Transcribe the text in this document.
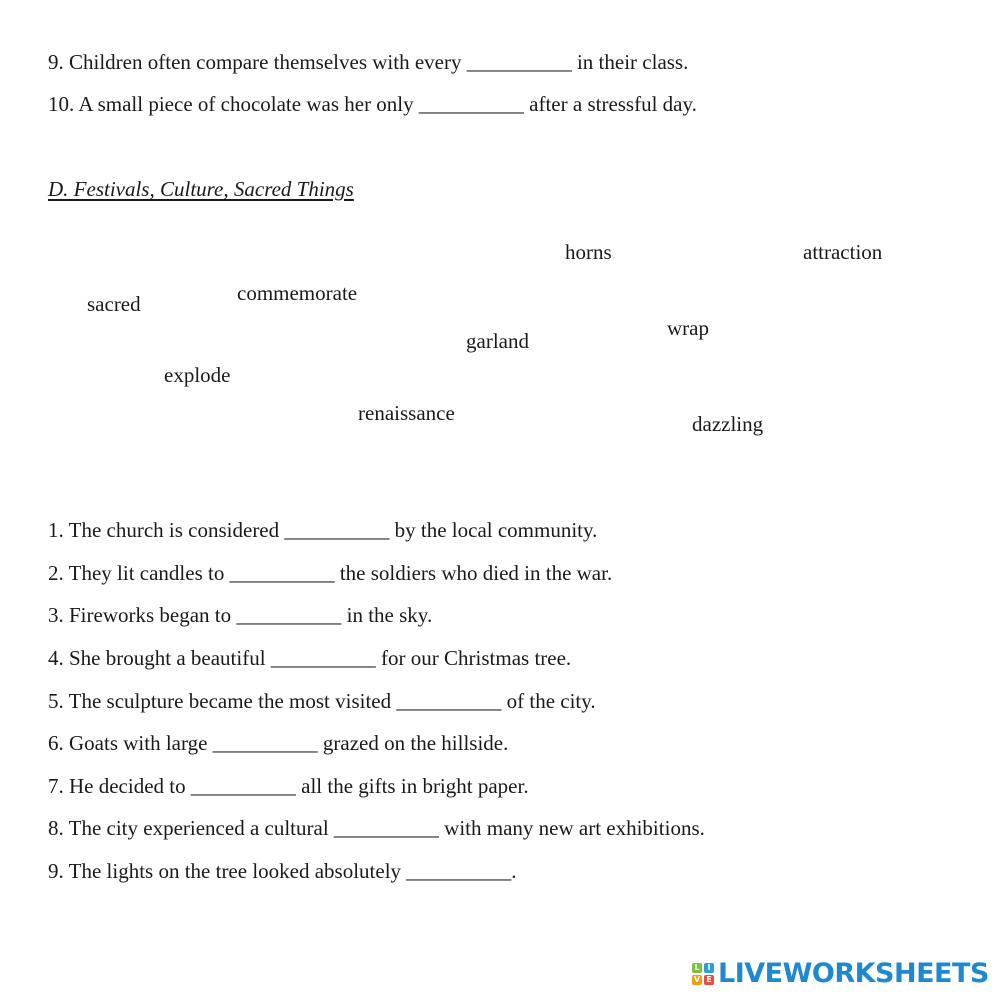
9. Children often compare themselves with every __________ in their class.
10. A small piece of chocolate was her only __________ after a stressful day.
D. Festivals, Culture, Sacred Things
horns	attraction
sacred	commemorate
garland
wrap
explode
renaissance	dazzling
1. The church is considered __________ by the local community.
2. They lit candles to __________ the soldiers who died in the war.
3. Fireworks began to __________ in the sky.
4. She brought a beautiful __________ for our Christmas tree.
5. The sculpture became the most visited __________ of the city.
6. Goats with large __________ grazed on the hillside.
7. He decided to __________ all the gifts in bright paper.
8. The city experienced a cultural __________ with many new art exhibitions.
9. The lights on the tree looked absolutely __________.
L I
V E LIVEWORKSHEETS
